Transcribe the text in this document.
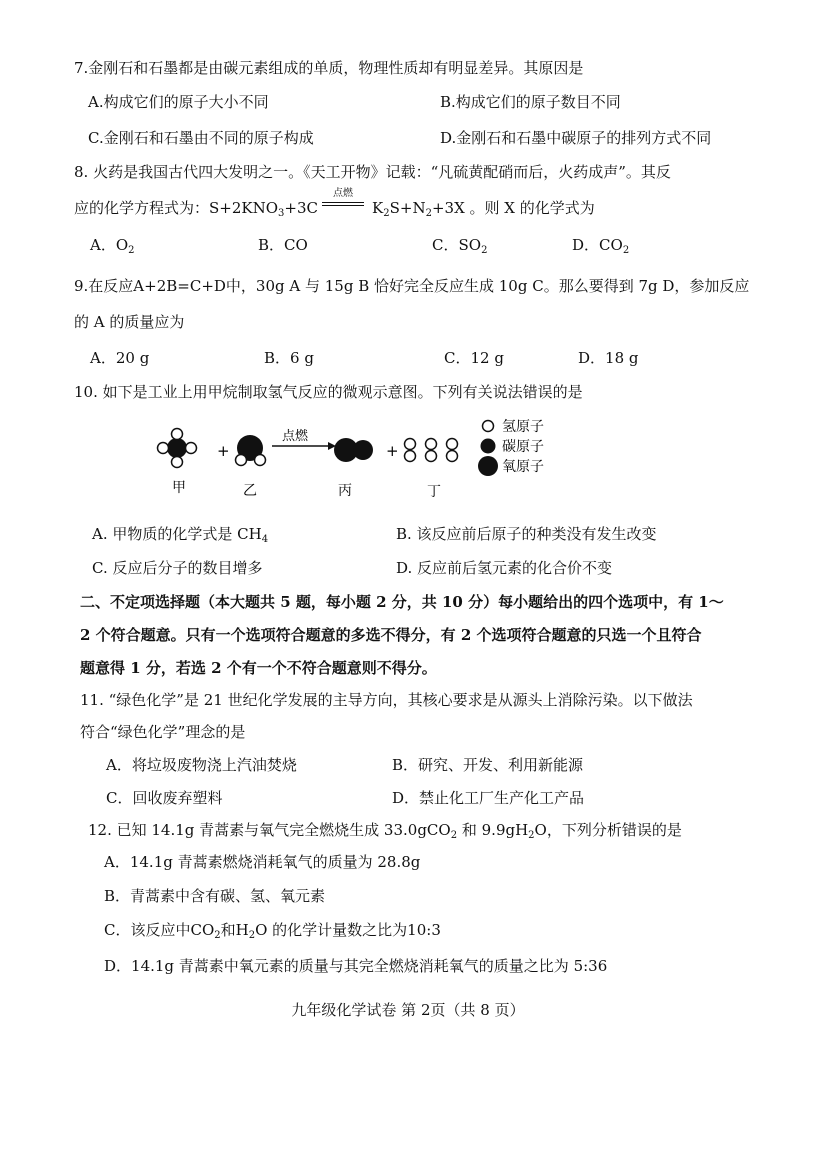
7.金刚石和石墨都是由碳元素组成的单质，物理性质却有明显差异。其原因是
A.构成它们的原子大小不同	B.构成它们的原子数目不同
C.金刚石和石墨由不同的原子构成	D.金刚石和石墨中碳原子的排列方式不同
8. 火药是我国古代四大发明之一。《天工开物》记载：“凡硫黄配硝而后，火药成声”。其反
应的化学方程式为：$S+2KNO_3+3C$
点燃
$K_2S+N_2+3X$ 。则 X 的化学式为
A．$O_2$	B．CO	C．$SO_2$	D．$CO_2$
9.在反应A+2B=C+D中，30g A 与 15g B 恰好完全反应生成 10g C。那么要得到 7g D，参加反应
的 A 的质量应为
A．20 g	B．6 g	C．12 g	D．18 g
10. 如下是工业上用甲烷制取氢气反应的微观示意图。下列有关说法错误的是
+
点燃
+
甲	乙	丙	丁
氢原子
碳原子
氧原子
A. 甲物质的化学式是 $CH_4$	B. 该反应前后原子的种类没有发生改变
C. 反应后分子的数目增多	D. 反应前后氢元素的化合价不变
二、不定项选择题（本大题共 5 题，每小题 2 分，共 10 分）每小题给出的四个选项中，有 1～
2 个符合题意。只有一个选项符合题意的多选不得分，有 2 个选项符合题意的只选一个且符合
题意得 1 分，若选 2 个有一个不符合题意则不得分。
11. “绿色化学”是 21 世纪化学发展的主导方向，其核心要求是从源头上消除污染。以下做法
符合“绿色化学”理念的是
A．将垃圾废物浇上汽油焚烧	B．研究、开发、利用新能源
C．回收废弃塑料	D．禁止化工厂生产化工产品
12. 已知 14.1g 青蒿素与氧气完全燃烧生成 33.0gCO$_2$ 和 $9.9gH_2O$，下列分析错误的是
A．14.1g 青蒿素燃烧消耗氧气的质量为 28.8g
B．青蒿素中含有碳、氢、氧元素
C．该反应中$CO_2$和$H_2O$ 的化学计量数之比为10:3
D．14.1g 青蒿素中氧元素的质量与其完全燃烧消耗氧气的质量之比为 5:36
九年级化学试卷 第 2页（共 8 页）
